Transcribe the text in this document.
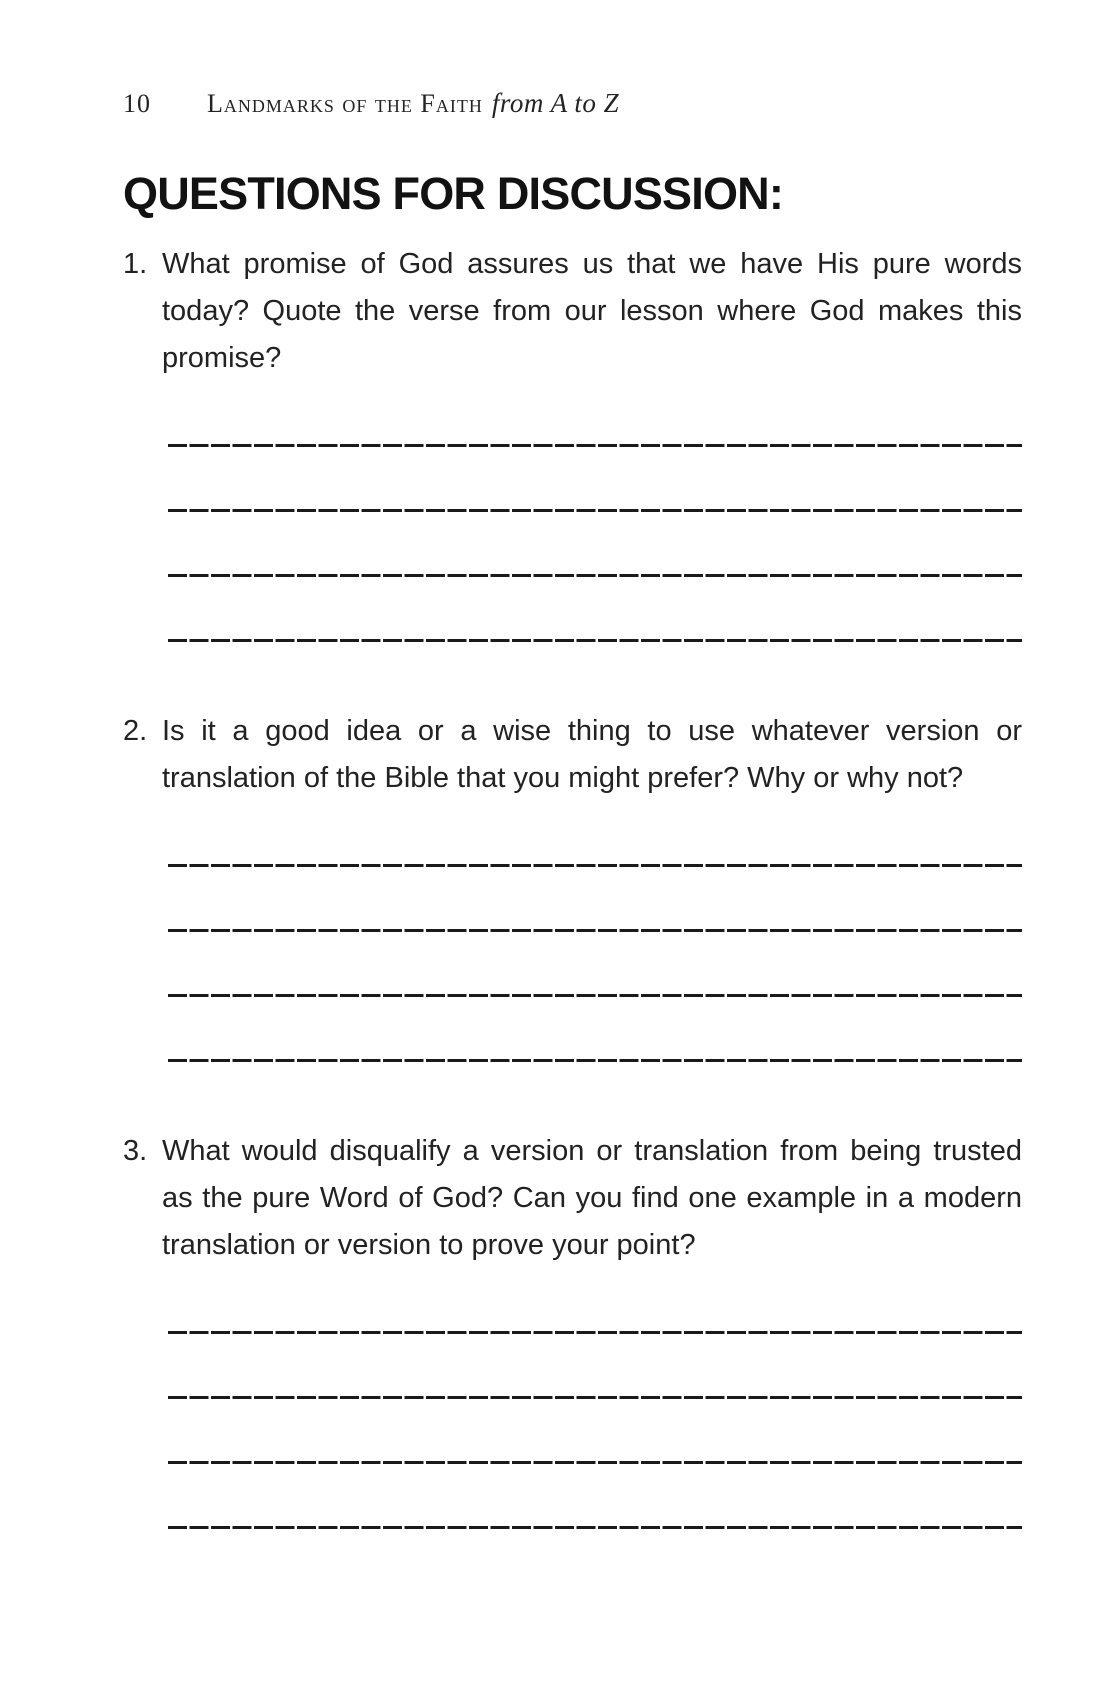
10 Landmarks of the Faith from A to Z
QUESTIONS FOR DISCUSSION:
1. What promise of God assures us that we have His pure words
today? Quote the verse from our lesson where God makes this
promise?
2. Is it a good idea or a wise thing to use whatever version or
translation of the Bible that you might prefer? Why or why not?
3. What would disqualify a version or translation from being trusted
as the pure Word of God? Can you find one example in a modern
translation or version to prove your point?
